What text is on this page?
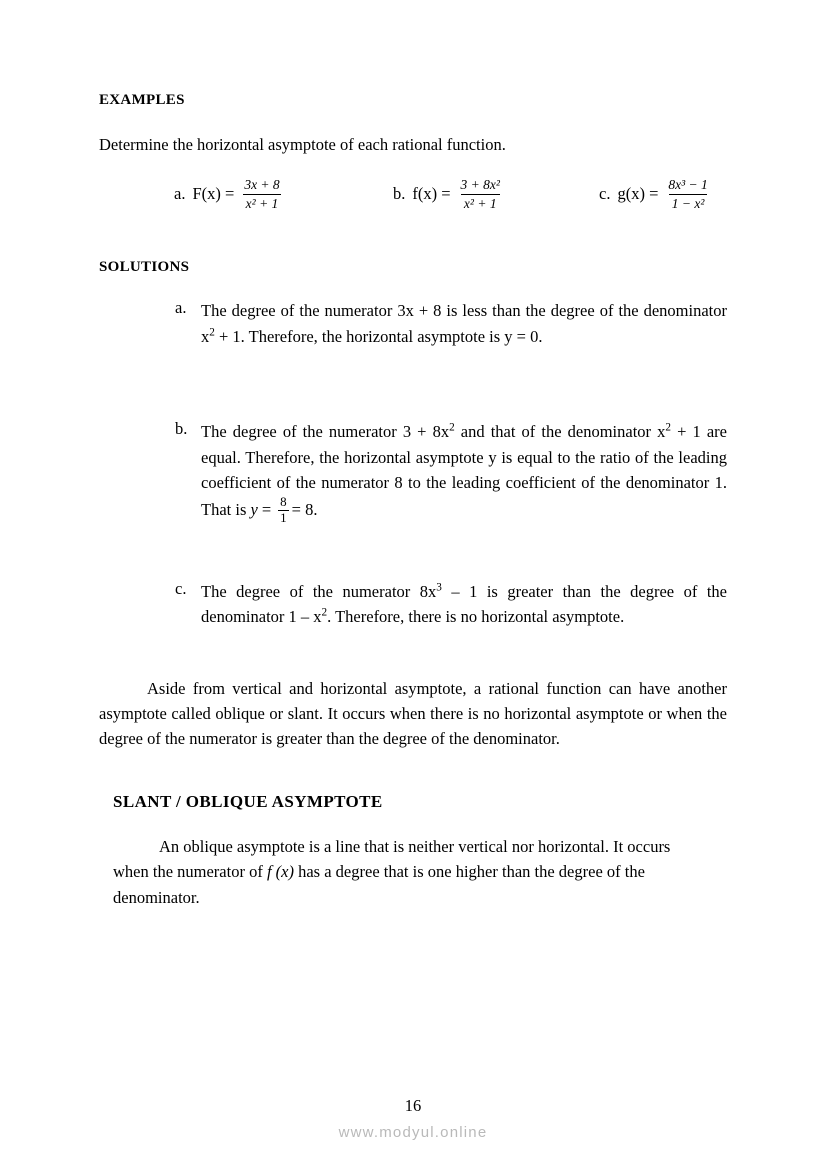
EXAMPLES
Determine the horizontal asymptote of each rational function.
a. $F(x) = \frac{3x + 8}{\text{x² + 1}}$	b. $f(x) = \frac{\text{3 + 8x²}}{\text{x² + 1}}$	c. $g(x) = \frac{\text{8x³ − 1}}{\text{1 − x²}}$
SOLUTIONS
a. The degree of the numerator 3x + 8 is less than the degree of the denominator $x^2 + 1$. Therefore, the horizontal asymptote is y = 0.
b. The degree of the numerator $3 + 8x^2$ and that of the denominator $x^2 + 1$ are equal. Therefore, the horizontal asymptote y is equal to the ratio of the leading coefficient of the numerator 8 to the leading coefficient of the denominator 1. That is $y = \frac{8}{1} = 8$.
c. The degree of the numerator $8x^3 - 1$ is greater than the degree of the denominator $1 - x^2$. Therefore, there is no horizontal asymptote.
Aside from vertical and horizontal asymptote, a rational function can have another asymptote called oblique or slant. It occurs when there is no horizontal asymptote or when the degree of the numerator is greater than the degree of the denominator.
SLANT / OBLIQUE ASYMPTOTE
An oblique asymptote is a line that is neither vertical nor horizontal. It occurs when the numerator of f (x) has a degree that is one higher than the degree of the denominator.
16
www.modyul.online
